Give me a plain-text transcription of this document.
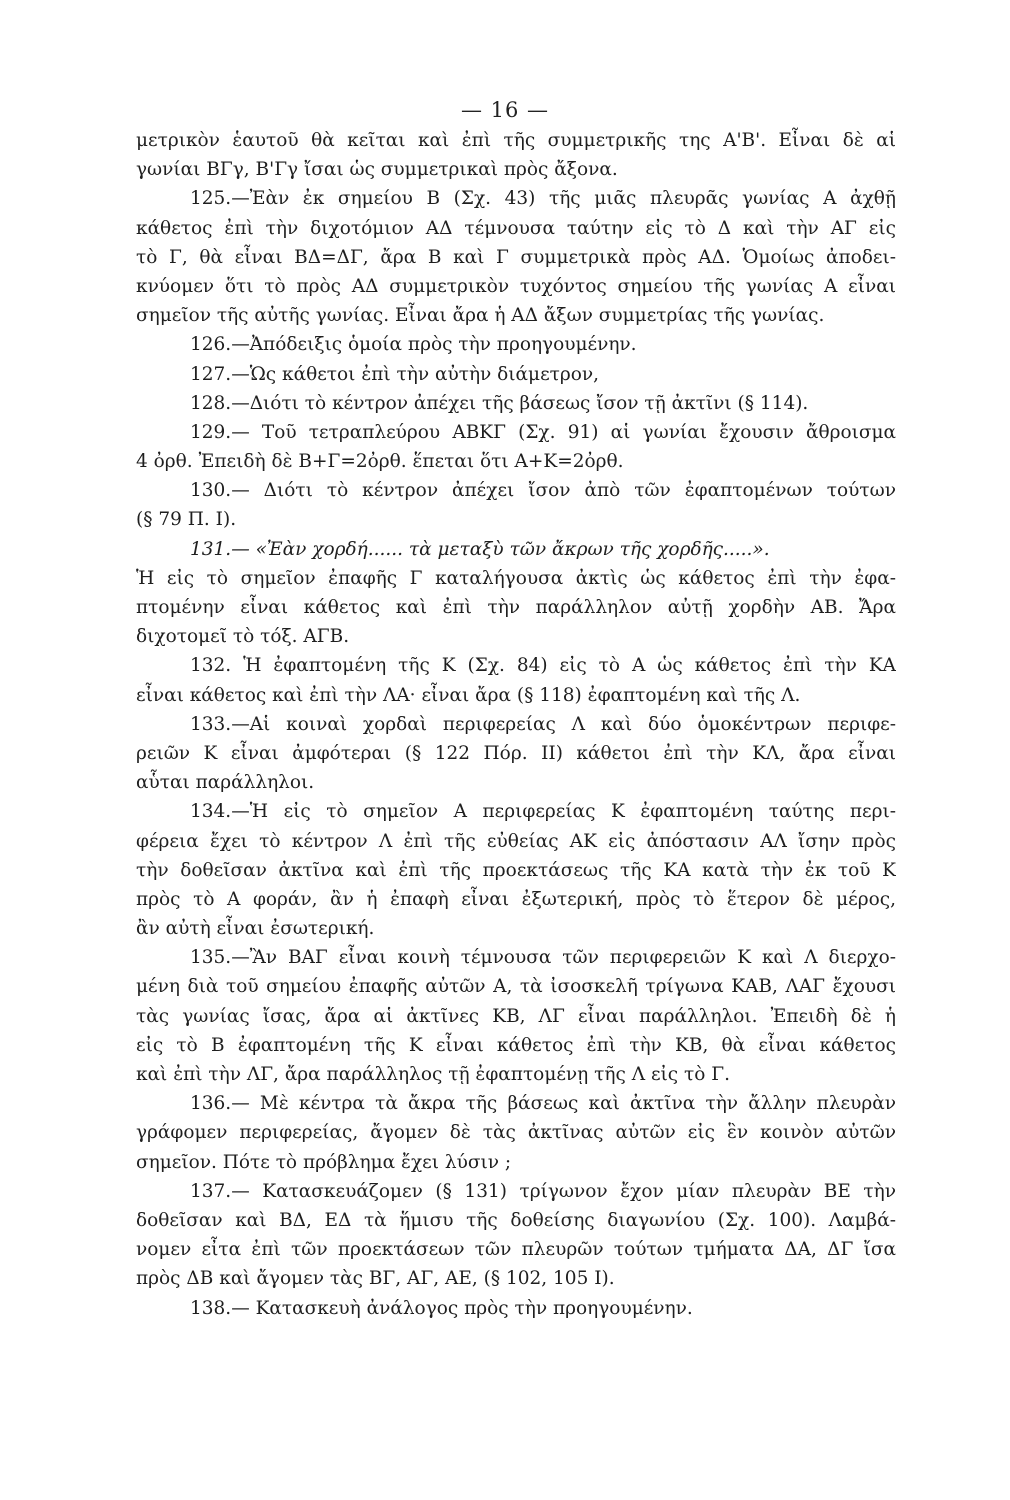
— 16 —
μετρικὸν ἑαυτοῦ θὰ κεῖται καὶ ἐπὶ τῆς συμμετρικῆς της Α'Β'. Εἶναι δὲ αἱ
γωνίαι ΒΓγ, Β'Γγ ἴσαι ὡς συμμετρικαὶ πρὸς ἄξονα.
125.—Ἐὰν ἐκ σημείου Β (Σχ. 43) τῆς μιᾶς πλευρᾶς γωνίας Α ἀχθῇ
κάθετος ἐπὶ τὴν διχοτόμιον ΑΔ τέμνουσα ταύτην εἰς τὸ Δ καὶ τὴν ΑΓ εἰς
τὸ Γ, θὰ εἶναι ΒΔ=ΔΓ, ἄρα Β καὶ Γ συμμετρικὰ πρὸς ΑΔ. Ὁμοίως ἀποδει-
κνύομεν ὅτι τὸ πρὸς ΑΔ συμμετρικὸν τυχόντος σημείου τῆς γωνίας Α εἶναι
σημεῖον τῆς αὐτῆς γωνίας. Εἶναι ἄρα ἡ ΑΔ ἄξων συμμετρίας τῆς γωνίας.
126.—Ἀπόδειξις ὁμοία πρὸς τὴν προηγουμένην.
127.—Ὡς κάθετοι ἐπὶ τὴν αὐτὴν διάμετρον,
128.—Διότι τὸ κέντρον ἀπέχει τῆς βάσεως ἴσον τῇ ἀκτῖνι (§ 114).
129.— Τοῦ τετραπλεύρου ΑΒΚΓ (Σχ. 91) αἱ γωνίαι ἔχουσιν ἄθροισμα
4 ὀρθ. Ἐπειδὴ δὲ Β+Γ=2ὀρθ. ἕπεται ὅτι Α+Κ=2ὀρθ.
130.— Διότι τὸ κέντρον ἀπέχει ἴσον ἀπὸ τῶν ἐφαπτομένων τούτων
(§ 79 Π. Ι).
131.— «Ἐὰν χορδή...... τὰ μεταξὺ τῶν ἄκρων τῆς χορδῆς.....».
Ἡ εἰς τὸ σημεῖον ἐπαφῆς Γ καταλήγουσα ἀκτὶς ὡς κάθετος ἐπὶ τὴν ἐφα-
πτομένην εἶναι κάθετος καὶ ἐπὶ τὴν παράλληλον αὐτῇ χορδὴν ΑΒ. Ἄρα
διχοτομεῖ τὸ τόξ. ΑΓΒ.
132. Ἡ ἐφαπτομένη τῆς Κ (Σχ. 84) εἰς τὸ Α ὡς κάθετος ἐπὶ τὴν ΚΑ
εἶναι κάθετος καὶ ἐπὶ τὴν ΛΑ· εἶναι ἄρα (§ 118) ἐφαπτομένη καὶ τῆς Λ.
133.—Αἱ κοιναὶ χορδαὶ περιφερείας Λ καὶ δύο ὁμοκέντρων περιφε-
ρειῶν Κ εἶναι ἀμφότεραι (§ 122 Πόρ. ΙΙ) κάθετοι ἐπὶ τὴν ΚΛ, ἄρα εἶναι
αὗται παράλληλοι.
134.—Ἡ εἰς τὸ σημεῖον Α περιφερείας Κ ἐφαπτομένη ταύτης περι-
φέρεια ἔχει τὸ κέντρον Λ ἐπὶ τῆς εὐθείας ΑΚ εἰς ἀπόστασιν ΑΛ ἴσην πρὸς
τὴν δοθεῖσαν ἀκτῖνα καὶ ἐπὶ τῆς προεκτάσεως τῆς ΚΑ κατὰ τὴν ἐκ τοῦ Κ
πρὸς τὸ Α φοράν, ἂν ἡ ἐπαφὴ εἶναι ἐξωτερική, πρὸς τὸ ἕτερον δὲ μέρος,
ἂν αὐτὴ εἶναι ἐσωτερική.
135.—Ἂν ΒΑΓ εἶναι κοινὴ τέμνουσα τῶν περιφερειῶν Κ καὶ Λ διερχο-
μένη διὰ τοῦ σημείου ἐπαφῆς αὐτῶν Α, τὰ ἰσοσκελῆ τρίγωνα ΚΑΒ, ΛΑΓ ἔχουσι
τὰς γωνίας ἴσας, ἄρα αἱ ἀκτῖνες ΚΒ, ΛΓ εἶναι παράλληλοι. Ἐπειδὴ δὲ ἡ
εἰς τὸ Β ἐφαπτομένη τῆς Κ εἶναι κάθετος ἐπὶ τὴν ΚΒ, θὰ εἶναι κάθετος
καὶ ἐπὶ τὴν ΛΓ, ἄρα παράλληλος τῇ ἐφαπτομένῃ τῆς Λ εἰς τὸ Γ.
136.— Μὲ κέντρα τὰ ἄκρα τῆς βάσεως καὶ ἀκτῖνα τὴν ἄλλην πλευρὰν
γράφομεν περιφερείας, ἄγομεν δὲ τὰς ἀκτῖνας αὐτῶν εἰς ἓν κοινὸν αὐτῶν
σημεῖον. Πότε τὸ πρόβλημα ἔχει λύσιν ;
137.— Κατασκευάζομεν (§ 131) τρίγωνον ἔχον μίαν πλευρὰν ΒΕ τὴν
δοθεῖσαν καὶ ΒΔ, ΕΔ τὰ ἥμισυ τῆς δοθείσης διαγωνίου (Σχ. 100). Λαμβά-
νομεν εἶτα ἐπὶ τῶν προεκτάσεων τῶν πλευρῶν τούτων τμήματα ΔΑ, ΔΓ ἴσα
πρὸς ΔΒ καὶ ἄγομεν τὰς ΒΓ, ΑΓ, ΑΕ, (§ 102, 105 Ι).
138.— Κατασκευὴ ἀνάλογος πρὸς τὴν προηγουμένην.
